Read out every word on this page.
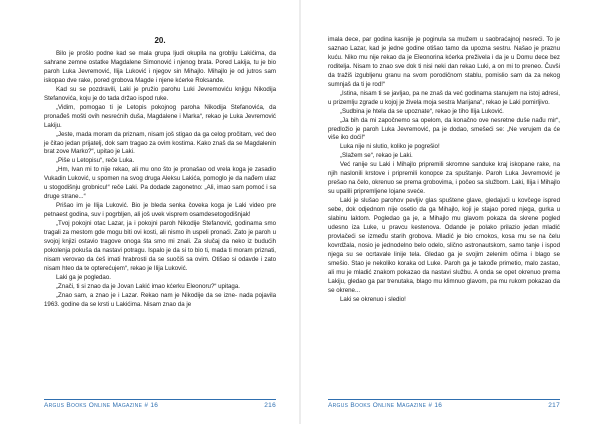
20.

Bilo je prošlo podne kad se mala grupa ljudi okupila na groblju Lakićima, da sahrane zemne ostatke Magdalene Simonović i njenog brata. Pored Lakija, tu je bio paroh Luka Jevremović, Ilija Luković i njegov sin Mihajlo. Mihajlo je od jutros sam iskopao dve rake, pored grobova Magde i njene kćerke Roksande.

Kad su se pozdravili, Laki je pružio parohu Luki Jevremoviću knjigu Nikodija Stefanovića, koju je do tada držao ispod ruke.

„Vidim, pomogao ti je Letopis pokojnog paroha Nikodija Stefanovića, da pronađeš mošti ovih nesrećnih duša, Magdalene i Marka“, rekao je Luka Jevremović Lakiju.

„Jeste, mada moram da priznam, nisam još stigao da ga celog pročitam, već deo je čitao jedan prijatelj, dok sam tragao za ovim kostima. Kako znaš da se Magdalenin brat zove Marko?“, upitao je Laki.

„Piše u Letopisu“, reče Luka.

„Hm, Ivan mi to nije rekao, ali mu ono što je pronašao od vrela koga je zasadio Vukadin Luković, u spomen na svog druga Aleksu Lakića, pomoglo je da nađem ulaz u stogodišnju grobnicu!“ reče Laki. Pa dodade zagonetno: „Ali, imao sam pomoć i sa druge strane...“

Prišao im je Ilija Luković. Bio je bleda senka čoveka koga je Laki video pre petnaest godina, suv i pogrbljen, ali još uvek visprem osamdesetogodišnjak!

„Tvoj pokojni otac Lazar, ja i pokojni paroh Nikodije Stefanović, godinama smo tragali za mestom gde mogu biti ovi kosti, ali nismo ih uspeli pronaći. Zato je paroh u svojoj knjizi ostavio tragove onoga šta smo mi znali. Za slučaj da neko iz budućih pokolenja pokuša da nastavi potragu. Ispalo je da si to bio ti, mada ti moram priznati, nisam verovao da ćeš imati hrabrosti da se suočiš sa ovim. Otišao si odavde i zato nisam hteo da te opterećujem“, rekao je Ilija Luković.

Laki ga je pogledao.

„Znači, ti si znao da je Jovan Lakić imao kćerku Eleonoru?“ upitaga.

„Znao sam, a znao je i Lazar. Rekao nam je Nikodije da se izne- nada pojavila 1963. godine da se krsti u Lakićima. Nisam znao da je

Argus Books Online Magazine # 16	216

imala dece, par godina kasnije je poginula sa mužem u saobraćajnoj nesreći. To je saznao Lazar, kad je jedne godine otišao tamo da upozna sestru. Našao je praznu kuću. Niko mu nije rekao da je Eleonorina kćerka preživela i da je u Domu dece bez roditelja. Nisam to znao sve dok ti nisi neki dan rekao Luki, a on mi to preneo. Čuvši da tražiš izgubljenu granu na svom porodičnom stablu, pomislio sam da za nekog sumnjaš da ti je rod!“

„Istina, nisam ti se javljao, pa ne znaš da već godinama stanujem na istoj adresi, u prizemlju zgrade u kojoj je živela moja sestra Marijana“, rekao je Laki pomirljivo.

„Sudbina je htela da se upoznate“, rekao je tiho Ilija Luković.

„Ja bih da mi započnemo sa opelom, da konačno ove nesretne duše nađu mir“, predložio je paroh Luka Jevremović, pa je dodao, smešeći se: „Ne verujem da će više iko doći!“

Luka nije ni slutio, koliko je pogrešio!

„Slažem se“, rekao je Laki.

Već ranije su Laki i Mihajlo pripremili skromne sanduke kraj iskopane rake, na njih naslonili krstove i pripremili konopce za spuštanje. Paroh Luka Jevremović je prešao na čelo, okrenuo se prema grobovima, i počeo sa službom. Laki, Ilija i Mihajlo su upalili pripremljene lojane sveće.

Laki je slušao parohov pevljiv glas spuštene glave, gledajući u kovčege ispred sebe, dok odjednom nije osetio da ga Mihajlo, koji je stajao pored njega, gurka u slabinu laktom. Pogledao ga je, a Mihajlo mu glavom pokaza da skrene pogled udesno iza Luke, u pravcu kestenova. Odande je polako prilazio jedan mladić provlačeći se između starih grobova. Mladić je bio crnokos, kosa mu se na čelu kovrdžala, nosio je jednodelno belo odelo, slično astronautskom, samo tanje i ispod njega su se ocrtavale linije tela. Gledao ga je svojim zelenim očima i blago se smešio. Stao je nekoliko koraka od Luke. Paroh ga je takođe primetio, malo zastao, ali mu je mladić znakom pokazao da nastavi službu. A onda se opet okrenuo prema Lakiju, gledao ga par trenutaka, blago mu klimnuo glavom, pa mu rukom pokazao da se okrene...

Laki se okrenuo i sledio!

Argus Books Online Magazine # 16	217
